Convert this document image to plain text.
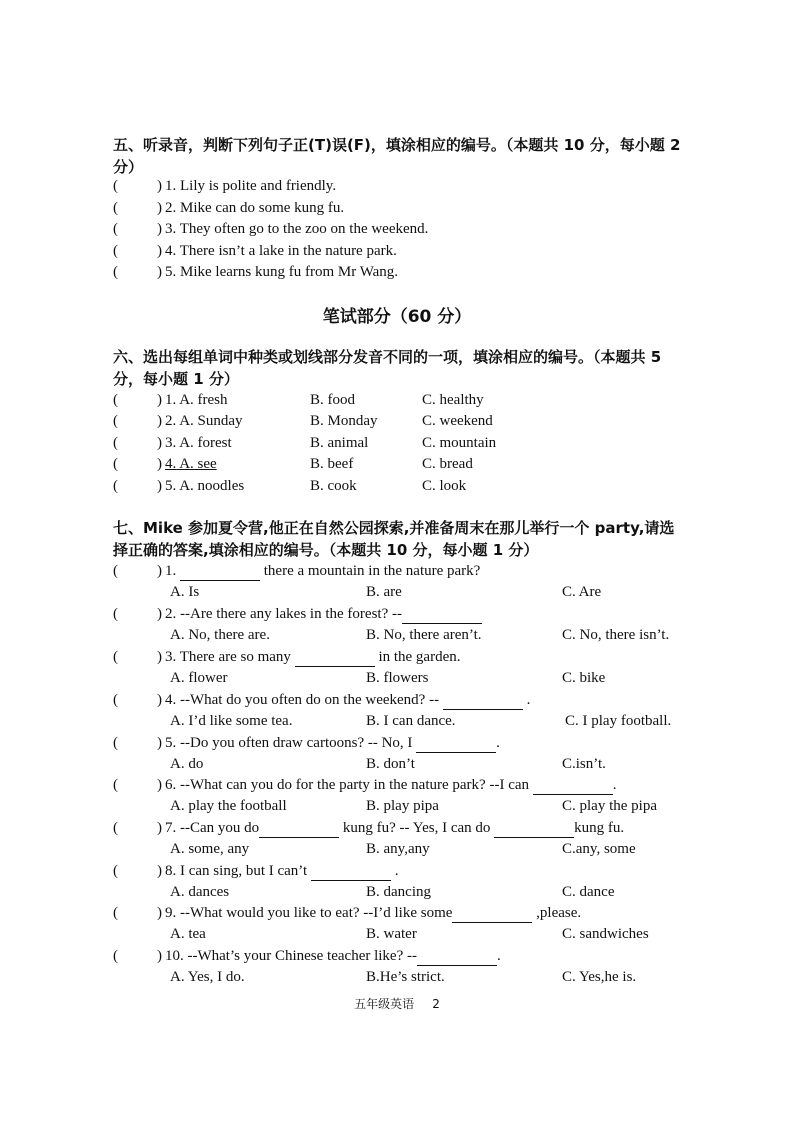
五、听录音，判断下列句子正(T)误(F)，填涂相应的编号。（本题共 10 分，每小题 2 分）
(	) 1. Lily is polite and friendly.
(	) 2. Mike can do some kung fu.
(	) 3. They often go to the zoo on the weekend.
(	) 4. There isn’t a lake in the nature park.
(	) 5. Mike learns kung fu from Mr Wang.
笔试部分（60 分）
六、选出每组单词中种类或划线部分发音不同的一项，填涂相应的编号。（本题共 5 分，每小题 1 分）
(	) 1. A. fresh	B. food	C. healthy
(	) 2. A. Sunday	B. Monday	C. weekend
(	) 3. A. forest	B. animal	C. mountain
(	) 4. A. see	B. beef	C. bread
(	) 5. A. noodles	B. cook	C. look
七、Mike 参加夏令营,他正在自然公园探索,并准备周末在那儿举行一个 party,请选择正确的答案,填涂相应的编号。（本题共 10 分，每小题 1 分）
(	) 1.	there a mountain in the nature park?
A. Is	B. are	C. Are
(	) 2. --Are there any lakes in the forest? --
A. No, there are.	B. No, there aren’t.	C. No, there isn’t.
(	) 3. There are so many	in the garden.
A. flower	B. flowers	C. bike
(	) 4. --What do you often do on the weekend? --	.
A. I’d like some tea.	B. I can dance.	C. I play football.
(	) 5. --Do you often draw cartoons? -- No, I	.
A. do	B. don’t	C.isn’t.
(	) 6. --What can you do for the party in the nature park? --I can	.
A. play the football	B. play pipa	C. play the pipa
(	) 7. --Can you do	kung fu? -- Yes, I can do	kung fu.
A. some, any	B. any,any	C.any, some
(	) 8. I can sing, but I can’t	.
A. dances	B. dancing	C. dance
(	) 9. --What would you like to eat? --I’d like some	,please.
A. tea	B. water	C. sandwiches
(	) 10. --What’s your Chinese teacher like? --	.
A. Yes, I do.	B.He’s strict.	C. Yes,he is.
五年级英语 2
